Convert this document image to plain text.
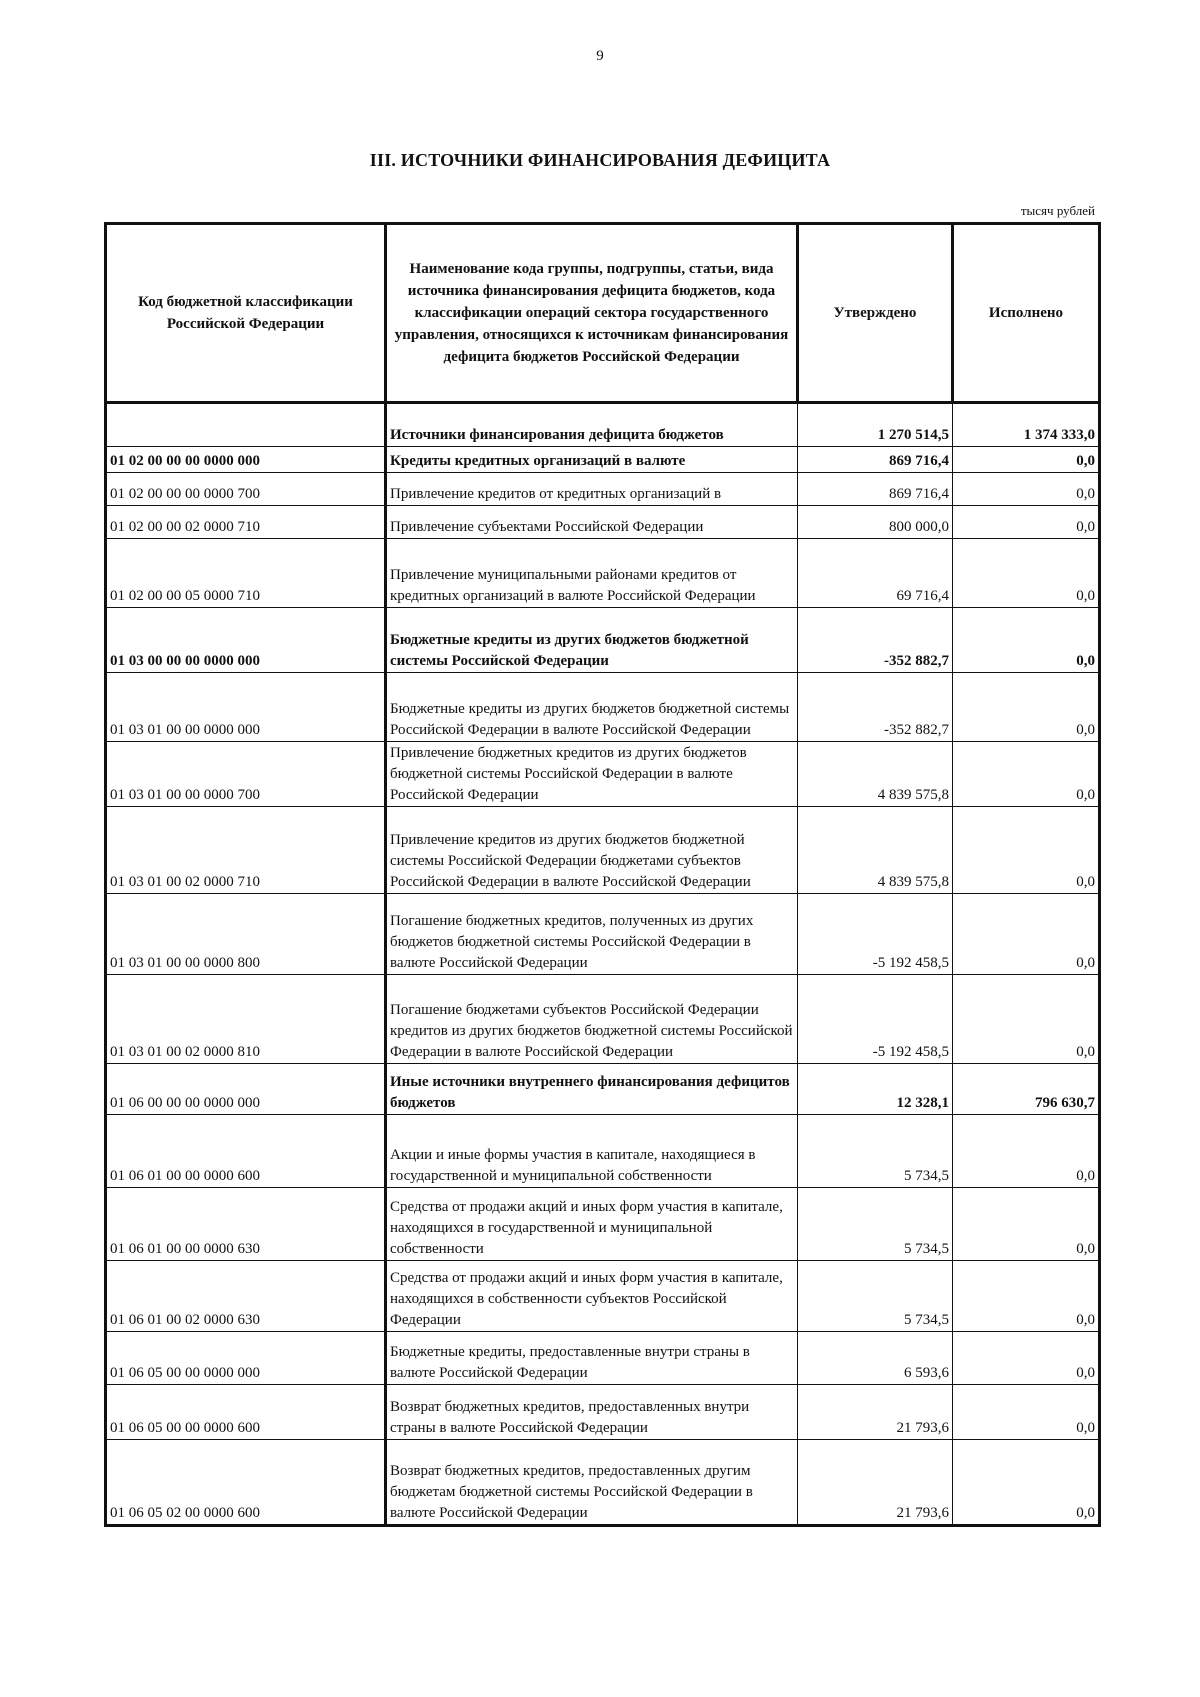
9
III. ИСТОЧНИКИ ФИНАНСИРОВАНИЯ ДЕФИЦИТА
тысяч рублей
Код бюджетной классификации Российской Федерации	Наименование кода группы, подгруппы, статьи, вида источника финансирования дефицита бюджетов, кода классификации операций сектора государственного управления, относящихся к источникам финансирования дефицита бюджетов Российской Федерации	Утверждено	Исполнено
	Источники финансирования дефицита бюджетов	1 270 514,5	1 374 333,0
01 02 00 00 00 0000 000	Кредиты кредитных организаций в валюте	869 716,4	0,0
01 02 00 00 00 0000 700	Привлечение кредитов от кредитных организаций в	869 716,4	0,0
01 02 00 00 02 0000 710	Привлечение субъектами Российской Федерации	800 000,0	0,0
01 02 00 00 05 0000 710	Привлечение муниципальными районами кредитов от кредитных организаций в валюте Российской Федерации	69 716,4	0,0
01 03 00 00 00 0000 000	Бюджетные кредиты из других бюджетов бюджетной системы Российской Федерации	-352 882,7	0,0
01 03 01 00 00 0000 000	Бюджетные кредиты из других бюджетов бюджетной системы Российской Федерации в валюте Российской Федерации	-352 882,7	0,0
01 03 01 00 00 0000 700	Привлечение бюджетных кредитов из других бюджетов бюджетной системы Российской Федерации в валюте Российской Федерации	4 839 575,8	0,0
01 03 01 00 02 0000 710	Привлечение кредитов из других бюджетов бюджетной системы Российской Федерации бюджетами субъектов Российской Федерации в валюте Российской Федерации	4 839 575,8	0,0
01 03 01 00 00 0000 800	Погашение бюджетных кредитов, полученных из других бюджетов бюджетной системы Российской Федерации в валюте Российской Федерации	-5 192 458,5	0,0
01 03 01 00 02 0000 810	Погашение бюджетами субъектов Российской Федерации кредитов из других бюджетов бюджетной системы Российской Федерации в валюте Российской Федерации	-5 192 458,5	0,0
01 06 00 00 00 0000 000	Иные источники внутреннего финансирования дефицитов бюджетов	12 328,1	796 630,7
01 06 01 00 00 0000 600	Акции и иные формы участия в капитале, находящиеся в государственной и муниципальной собственности	5 734,5	0,0
01 06 01 00 00 0000 630	Средства от продажи акций и иных форм участия в капитале, находящихся в государственной и муниципальной собственности	5 734,5	0,0
01 06 01 00 02 0000 630	Средства от продажи акций и иных форм участия в капитале, находящихся в собственности субъектов Российской Федерации	5 734,5	0,0
01 06 05 00 00 0000 000	Бюджетные кредиты, предоставленные внутри страны в валюте Российской Федерации	6 593,6	0,0
01 06 05 00 00 0000 600	Возврат бюджетных кредитов, предоставленных внутри страны в валюте Российской Федерации	21 793,6	0,0
01 06 05 02 00 0000 600	Возврат бюджетных кредитов, предоставленных другим бюджетам бюджетной системы Российской Федерации в валюте Российской Федерации	21 793,6	0,0
